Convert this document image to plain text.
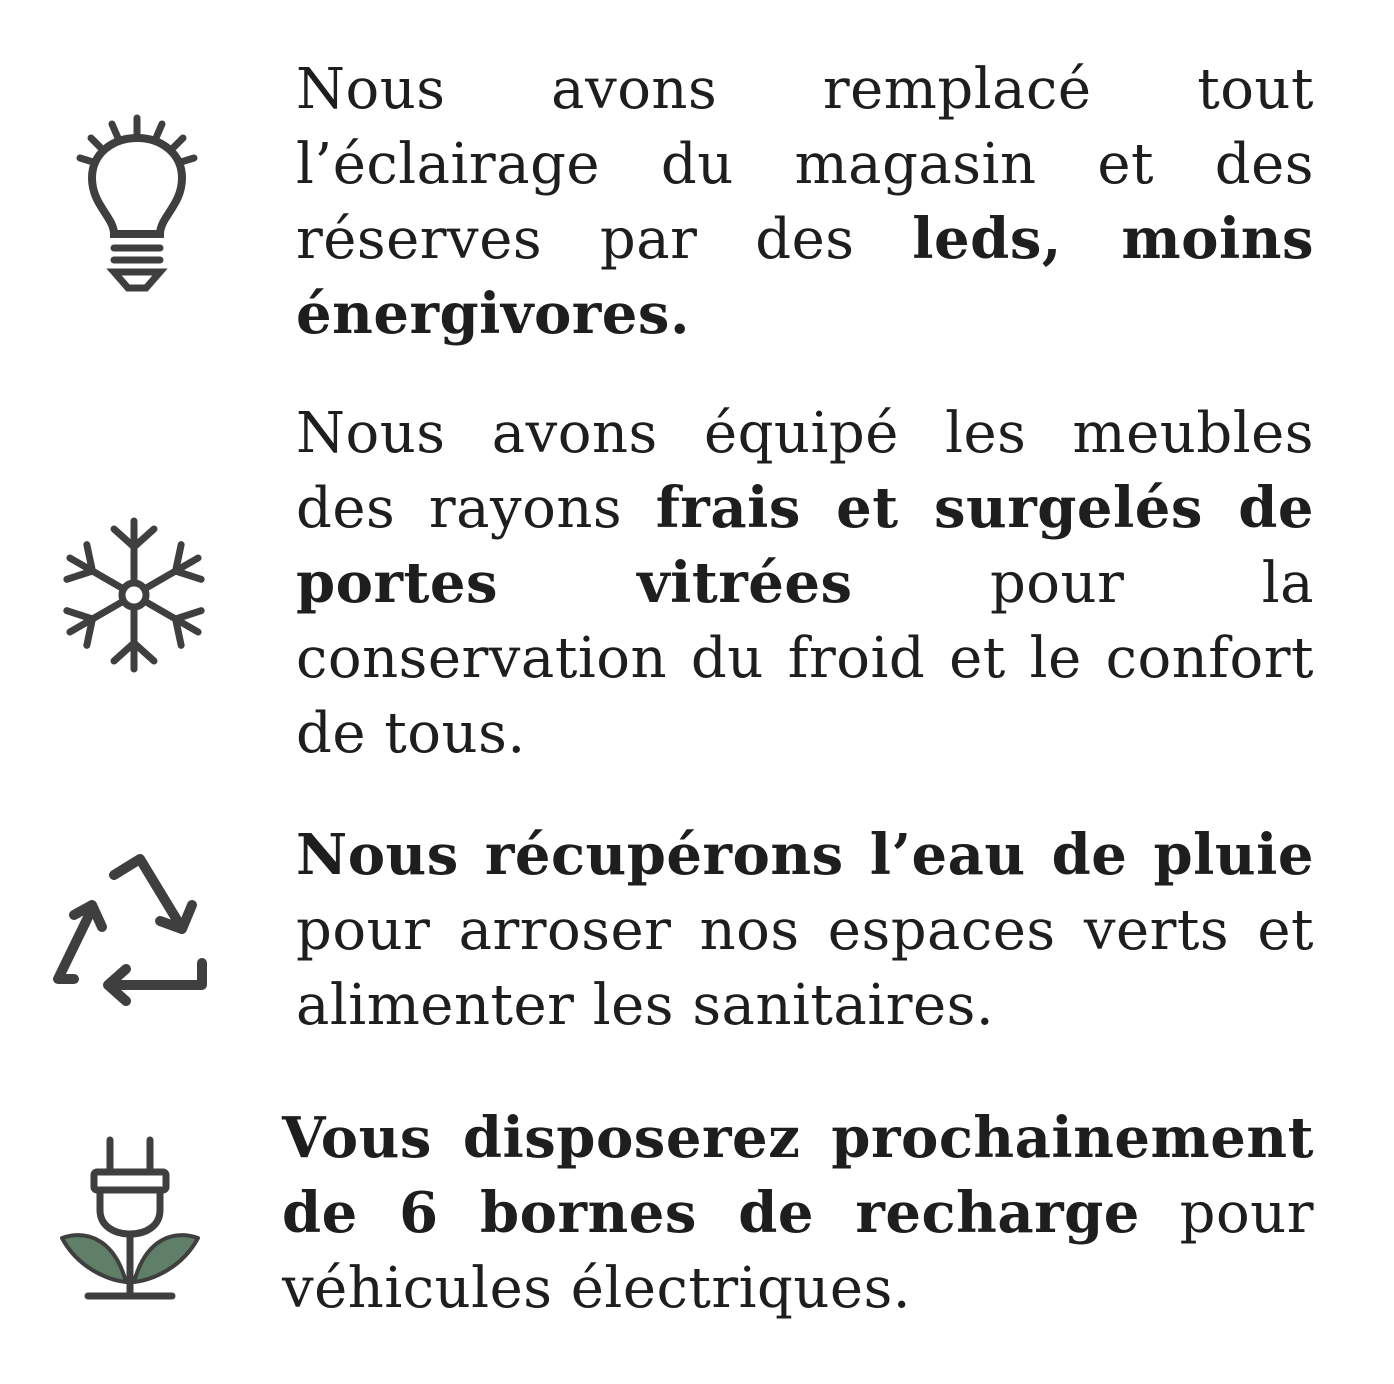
Nous avons remplacé tout l’éclairage du magasin et des réserves par des leds, moins énergivores.

Nous avons équipé les meubles des rayons frais et surgelés de portes vitrées pour la conservation du froid et le confort de tous.

Nous récupérons l’eau de pluie pour arroser nos espaces verts et alimenter les sanitaires.

Vous disposerez prochainement de 6 bornes de recharge pour véhicules électriques.
